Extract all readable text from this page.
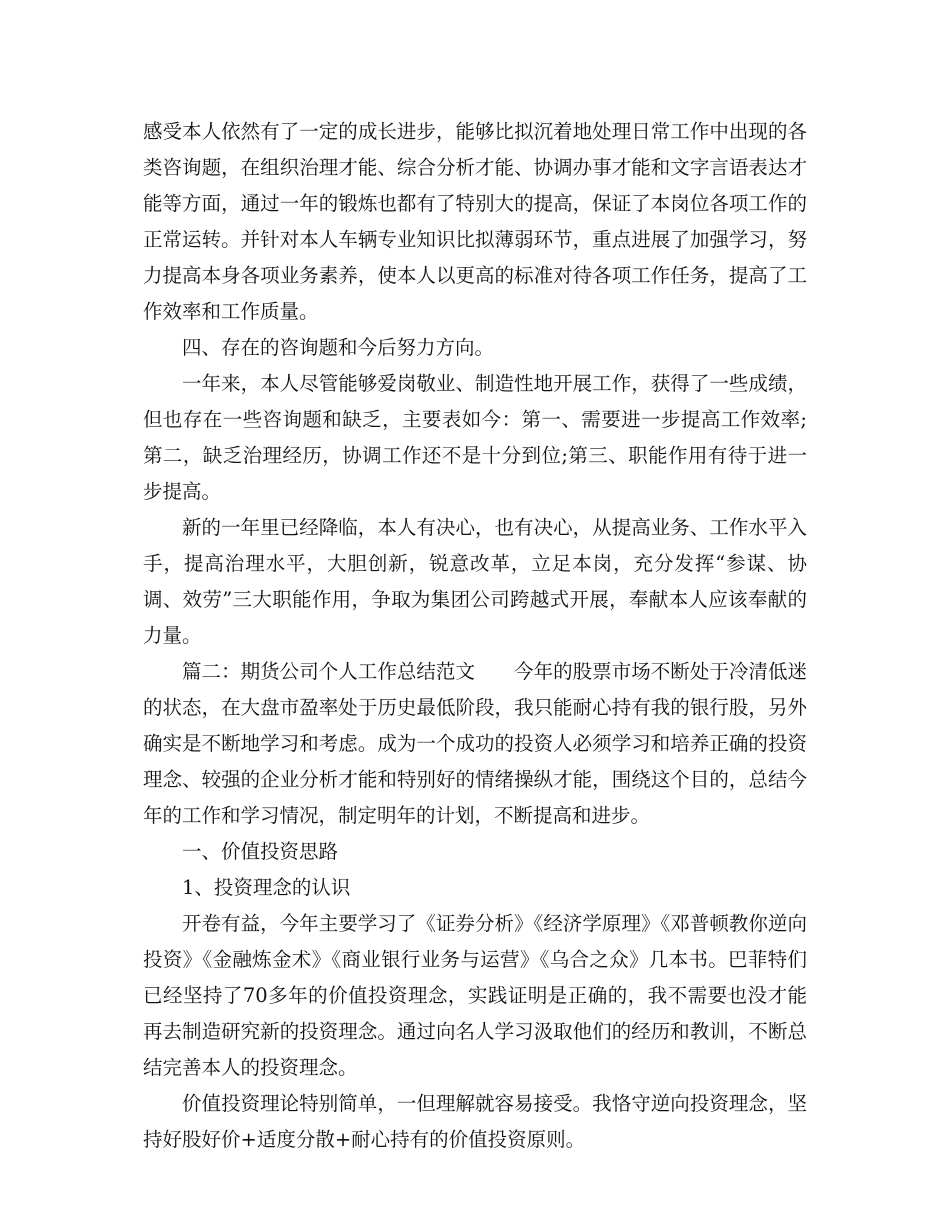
感受本人依然有了一定的成长进步，能够比拟沉着地处理日常工作中出现的各类咨询题，在组织治理才能、综合分析才能、协调办事才能和文字言语表达才能等方面，通过一年的锻炼也都有了特别大的提高，保证了本岗位各项工作的正常运转。并针对本人车辆专业知识比拟薄弱环节，重点进展了加强学习，努力提高本身各项业务素养，使本人以更高的标准对待各项工作任务，提高了工作效率和工作质量。

四、存在的咨询题和今后努力方向。

一年来，本人尽管能够爱岗敬业、制造性地开展工作，获得了一些成绩，但也存在一些咨询题和缺乏，主要表如今：第一、需要进一步提高工作效率;第二，缺乏治理经历，协调工作还不是十分到位;第三、职能作用有待于进一步提高。

新的一年里已经降临，本人有决心，也有决心，从提高业务、工作水平入手，提高治理水平，大胆创新，锐意改革，立足本岗，充分发挥“参谋、协调、效劳”三大职能作用，争取为集团公司跨越式开展，奉献本人应该奉献的力量。

篇二：期货公司个人工作总结范文　　今年的股票市场不断处于冷清低迷的状态，在大盘市盈率处于历史最低阶段，我只能耐心持有我的银行股，另外确实是不断地学习和考虑。成为一个成功的投资人必须学习和培养正确的投资理念、较强的企业分析才能和特别好的情绪操纵才能，围绕这个目的，总结今年的工作和学习情况，制定明年的计划，不断提高和进步。

一、价值投资思路

1、投资理念的认识

开卷有益，今年主要学习了《证券分析》《经济学原理》《邓普顿教你逆向投资》《金融炼金术》《商业银行业务与运营》《乌合之众》几本书。巴菲特们已经坚持了70多年的价值投资理念，实践证明是正确的，我不需要也没才能再去制造研究新的投资理念。通过向名人学习汲取他们的经历和教训，不断总结完善本人的投资理念。

价值投资理论特别简单，一但理解就容易接受。我恪守逆向投资理念，坚持好股好价+适度分散+耐心持有的价值投资原则。
